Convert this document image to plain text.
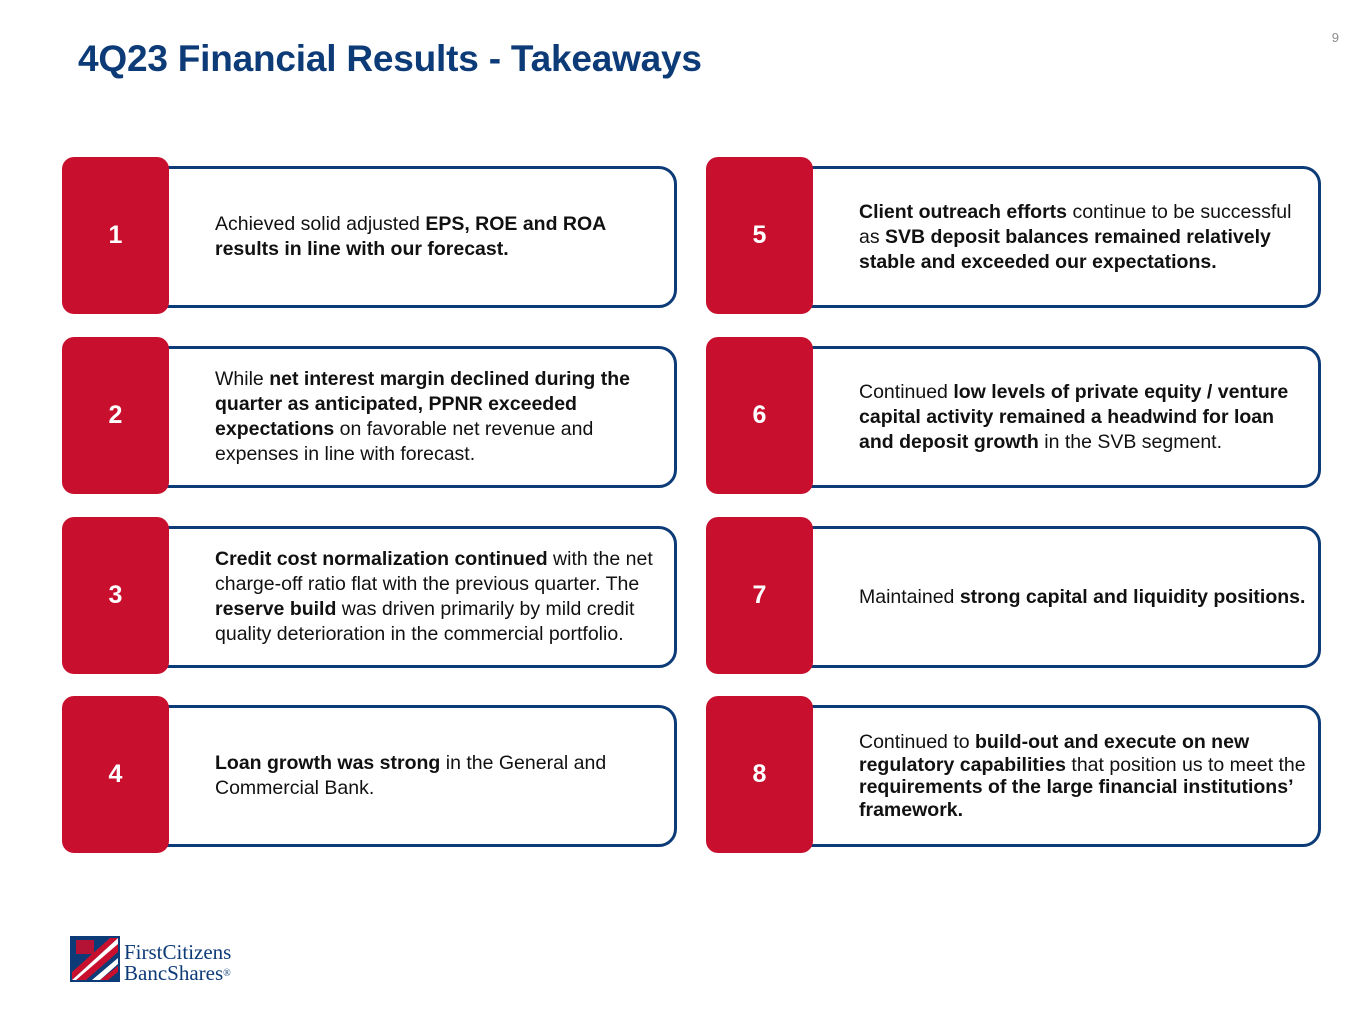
9
4Q23 Financial Results - Takeaways
1	Achieved solid adjusted EPS, ROE and ROA results in line with our forecast.
2
While net interest margin declined during the quarter as anticipated, PPNR exceeded expectations on favorable net revenue and expenses in line with forecast.
3
Credit cost normalization continued with the net charge-off ratio flat with the previous quarter. The reserve build was driven primarily by mild credit quality deterioration in the commercial portfolio.
4	Loan growth was strong in the General and Commercial Bank.
5
Client outreach efforts continue to be successful as SVB deposit balances remained relatively stable and exceeded our expectations.
6
Continued low levels of private equity / venture capital activity remained a headwind for loan and deposit growth in the SVB segment.
7	Maintained strong capital and liquidity positions.
8
Continued to build-out and execute on new regulatory capabilities that position us to meet the requirements of the large financial institutions’ framework.
FirstCitizens
BancShares®
